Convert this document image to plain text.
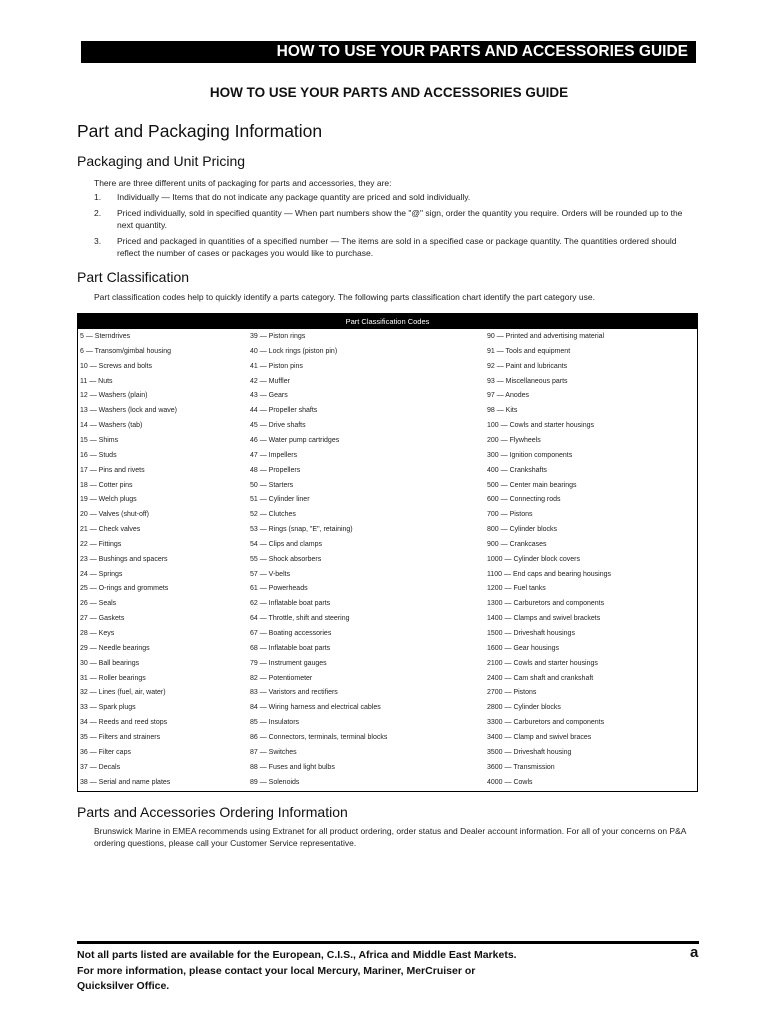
HOW TO USE YOUR PARTS AND ACCESSORIES GUIDE
HOW TO USE YOUR PARTS AND ACCESSORIES GUIDE
Part and Packaging Information
Packaging and Unit Pricing
There are three different units of packaging for parts and accessories, they are:
1. Individually — Items that do not indicate any package quantity are priced and sold individually.
2. Priced individually, sold in specified quantity — When part numbers show the "@" sign, order the quantity you require. Orders will be rounded up to the next quantity.
3. Priced and packaged in quantities of a specified number — The items are sold in a specified case or package quantity. The quantities ordered should reflect the number of cases or packages you would like to purchase.
Part Classification
Part classification codes help to quickly identify a parts category. The following parts classification chart identify the part category use.
Part Classification Codes
5 — Sterndrives
6 — Transom/gimbal housing
10 — Screws and bolts
11 — Nuts
12 — Washers (plain)
13 — Washers (lock and wave)
14 — Washers (tab)
15 — Shims
16 — Studs
17 — Pins and rivets
18 — Cotter pins
19 — Welch plugs
20 — Valves (shut-off)
21 — Check valves
22 — Fittings
23 — Bushings and spacers
24 — Springs
25 — O-rings and grommets
26 — Seals
27 — Gaskets
28 — Keys
29 — Needle bearings
30 — Ball bearings
31 — Roller bearings
32 — Lines (fuel, air, water)
33 — Spark plugs
34 — Reeds and reed stops
35 — Filters and strainers
36 — Filter caps
37 — Decals
38 — Serial and name plates
39 — Piston rings
40 — Lock rings (piston pin)
41 — Piston pins
42 — Muffler
43 — Gears
44 — Propeller shafts
45 — Drive shafts
46 — Water pump cartridges
47 — Impellers
48 — Propellers
50 — Starters
51 — Cylinder liner
52 — Clutches
53 — Rings (snap, "E", retaining)
54 — Clips and clamps
55 — Shock absorbers
57 — V-belts
61 — Powerheads
62 — Inflatable boat parts
64 — Throttle, shift and steering
67 — Boating accessories
68 — Inflatable boat parts
79 — Instrument gauges
82 — Potentiometer
83 — Varistors and rectifiers
84 — Wiring harness and electrical cables
85 — Insulators
86 — Connectors, terminals, terminal blocks
87 — Switches
88 — Fuses and light bulbs
89 — Solenoids
90 — Printed and advertising material
91 — Tools and equipment
92 — Paint and lubricants
93 — Miscellaneous parts
97 — Anodes
98 — Kits
100 — Cowls and starter housings
200 — Flywheels
300 — Ignition components
400 — Crankshafts
500 — Center main bearings
600 — Connecting rods
700 — Pistons
800 — Cylinder blocks
900 — Crankcases
1000 — Cylinder block covers
1100 — End caps and bearing housings
1200 — Fuel tanks
1300 — Carburetors and components
1400 — Clamps and swivel brackets
1500 — Driveshaft housings
1600 — Gear housings
2100 — Cowls and starter housings
2400 — Cam shaft and crankshaft
2700 — Pistons
2800 — Cylinder blocks
3300 — Carburetors and components
3400 — Clamp and swivel braces
3500 — Driveshaft housing
3600 — Transmission
4000 — Cowls
Parts and Accessories Ordering Information
Brunswick Marine in EMEA recommends using Extranet for all product ordering, order status and Dealer account information. For all of your concerns on P&A ordering questions, please call your Customer Service representative.
Not all parts listed are available for the European, C.I.S., Africa and Middle East Markets.
For more information, please contact your local Mercury, Mariner, MerCruiser or
Quicksilver Office.
a
